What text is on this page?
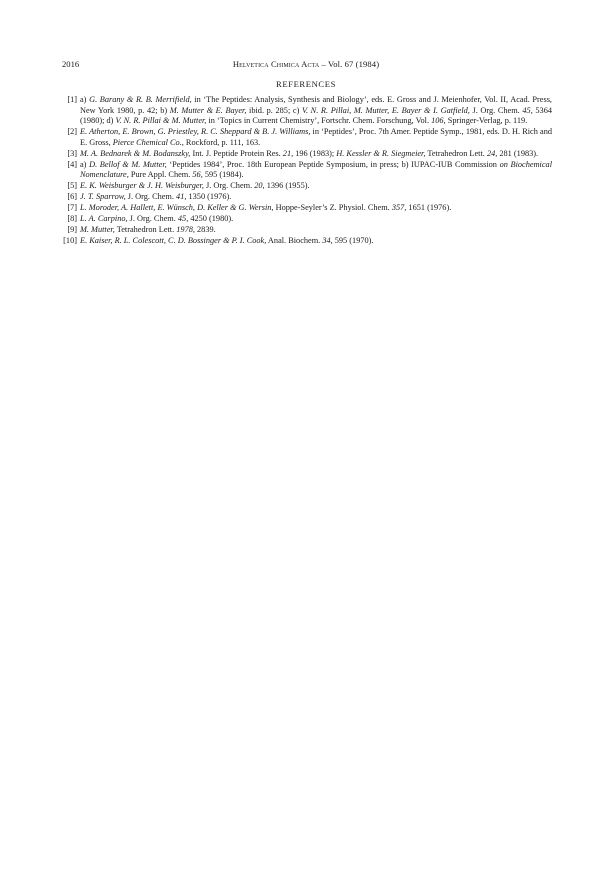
2016	Helvetica Chimica Acta – Vol. 67 (1984)
REFERENCES
[1] a) G. Barany & R. B. Merrifield, in ‘The Peptides: Analysis, Synthesis and Biology’, eds. E. Gross and J. Meienhofer, Vol. II, Acad. Press, New York 1980, p. 42; b) M. Mutter & E. Bayer, ibid. p. 285; c) V. N. R. Pillai, M. Mutter, E. Bayer & I. Gatfield, J. Org. Chem. 45, 5364 (1980); d) V. N. R. Pillai & M. Mutter, in ‘Topics in Current Chemistry’, Fortschr. Chem. Forschung, Vol. 106, Springer-Verlag, p. 119.
[2] E. Atherton, E. Brown, G. Priestley, R. C. Sheppard & B. J. Williams, in ‘Peptides’, Proc. 7th Amer. Peptide Symp., 1981, eds. D. H. Rich and E. Gross, Pierce Chemical Co., Rockford, p. 111, 163.
[3] M. A. Bednarek & M. Bodanszky, Int. J. Peptide Protein Res. 21, 196 (1983); H. Kessler & R. Siegmeier, Tetrahedron Lett. 24, 281 (1983).
[4] a) D. Bellof & M. Mutter, ‘Peptides 1984’, Proc. 18th European Peptide Symposium, in press; b) IUPAC-IUB Commission on Biochemical Nomenclature, Pure Appl. Chem. 56, 595 (1984).
[5] E. K. Weisburger & J. H. Weisburger, J. Org. Chem. 20, 1396 (1955).
[6] J. T. Sparrow, J. Org. Chem. 41, 1350 (1976).
[7] L. Moroder, A. Hallett, E. Wünsch, D. Keller & G. Wersin, Hoppe-Seyler’s Z. Physiol. Chem. 357, 1651 (1976).
[8] L. A. Carpino, J. Org. Chem. 45, 4250 (1980).
[9] M. Mutter, Tetrahedron Lett. 1978, 2839.
[10] E. Kaiser, R. L. Colescott, C. D. Bossinger & P. I. Cook, Anal. Biochem. 34, 595 (1970).
